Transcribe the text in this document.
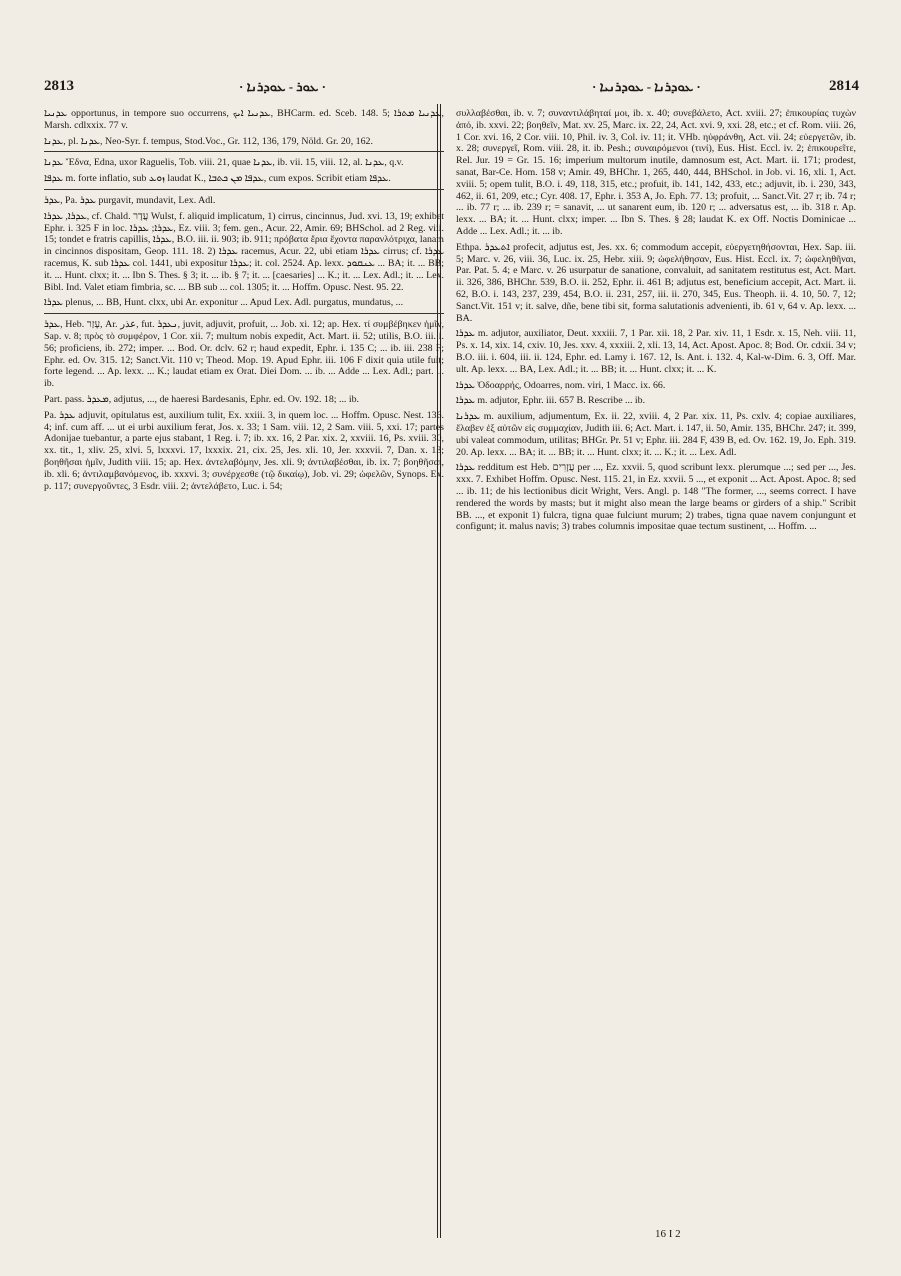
2813	· ܥܘܪ - ܥܘܕܪܢܐ ·	· ܥܘܕܪܢܐ - ܥܘܕܪܢܝܐ ·	2814

ܥܕܢܝܐ opportunus, in tempore suo occurrens, ܥܕܢܝܐ ܐܝܟ, BHCarm. ed. Sceb. 148. 5; ܥܕܢܝܐ ܡܬܪܐ, Marsh. cdlxxix. 77 v.

ܥܕܢܐ, pl. ܥܕܢܐ, Neo-Syr. f. tempus, Stod.Voc., Gr. 112, 136, 179, Nöld. Gr. 20, 162.

ܥܕܢܐ Ἔδνα, Edna, uxor Raguelis, Tob. viii. 21, quae ܥܕܢܐ, ib. vii. 15, viii. 12, al. ܥܕܢܐ, q.v.

ܥܕܦܐ m. forte inflatio, sub ܙܘܥ laudat K., ܥܕܦܐ ܡܢ ܟܬܒܐ, cum expos. Scribit etiam ܥܕܦܐ.

ܥܕܪ, Pa. ܥܕܪ purgavit, mundavit, Lex. Adl.

ܥܕܪܐ, ܥܕܪܐ, cf. Chald. עֲדָר Wulst, f. aliquid implicatum, 1) cirrus, cincinnus, Jud. xvi. 13, 19; exhibet Ephr. i. 325 F in loc. ܥܕܪܐ; ܥܕܪܐ, Ez. viii. 3; fem. gen., Acur. 22, Amir. 69; BHSchol. ad 2 Reg. viii. 15; tondet e fratris capillis, ܥܕܪܐ, B.O. iii. ii. 903; ib. 911; πρόβατα ἔρια ἔχοντα παρανλότριχα, lanam in cincinnos dispositam, Geop. 111. 18. 2) ܥܕܪܐ racemus, Acur. 22, ubi etiam ܥܕܪܐ cirrus; cf. ܥܕܪܐ racemus, K. sub ܥܕܪܐ col. 1441, ubi expositur ܥܕܪܐ; it. col. 2524. Ap. lexx. ܥܢܩܘܕ ... BA; it. ... BB; it. ... Hunt. clxx; it. ... Ibn S. Thes. § 3; it. ... ib. § 7; it. ... [caesaries] ... K.; it. ... Lex. Adl.; it. ... Lex. Bibl. Ind. Valet etiam fimbria, sc. ... BB sub ... col. 1305; it. ... Hoffm. Opusc. Nest. 95. 22.

ܥܕܪܐ plenus, ... BB, Hunt. clxx, ubi Ar. exponitur ... Apud Lex. Adl. purgatus, mundatus, ...

ܥܕܪ, Heb. עָזַר, Ar. عذر, fut. ܢܥܕܪ, juvit, adjuvit, profuit, ... Job. xi. 12; ap. Hex. τί συμβέβηκεν ἡμῖν, Sap. v. 8; πρὸς τὸ συμφέρον, 1 Cor. xii. 7; multum nobis expedit, Act. Mart. ii. 52; utilis, B.O. iii. i. 56; proficiens, ib. 272; imper. ... Bod. Or. dclv. 62 r; haud expedit, Ephr. i. 135 C; ... ib. iii. 238 F; Ephr. ed. Ov. 315. 12; Sanct.Vit. 110 v; Theod. Mop. 19. Apud Ephr. iii. 106 F dixit quia utile fuit; forte legend. ... Ap. lexx. ... K.; laudat etiam ex Orat. Diei Dom. ... ib. ... Adde ... Lex. Adl.; part. ... ib.

Part. pass. ܡܥܕܪ, adjutus, ..., de haeresi Bardesanis, Ephr. ed. Ov. 192. 18; ... ib.

Pa. ܥܕܪ adjuvit, opitulatus est, auxilium tulit, Ex. xxiii. 3, in quem loc. ... Hoffm. Opusc. Nest. 136. 4; inf. cum aff. ... ut ei urbi auxilium ferat, Jos. x. 33; 1 Sam. viii. 12, 2 Sam. viii. 5, xxi. 17; partes Adonijae tuebantur, a parte ejus stabant, 1 Reg. i. 7; ib. xx. 16, 2 Par. xix. 2, xxviii. 16, Ps. xviii. 30, xx. tit., 1, xliv. 25, xlvi. 5, lxxxvi. 17, lxxxix. 21, cix. 25, Jes. xli. 10, Jer. xxxvii. 7, Dan. x. 13; βοηθῆσαι ἡμῖν, Judith viii. 15; ap. Hex. ἀντελαβόμην, Jes. xli. 9; ἀντιλαβέσθαι, ib. ix. 7; βοηθῆσαι, ib. xli. 6; ἀντιλαμβανόμενος, ib. xxxvi. 3; συνέρχεσθε (τῷ δικαίῳ), Job. vi. 29; ὠφελῶν, Synops. Ex. p. 117; συνεργοῦντες, 3 Esdr. viii. 2; ἀντελάβετο, Luc. i. 54;

συλλαβέσθαι, ib. v. 7; συναντιλάβηταί μοι, ib. x. 40; συνεβάλετο, Act. xviii. 27; ἐπικουρίας τυχὼν ἀπό, ib. xxvi. 22; βοηθεῖν, Mat. xv. 25, Marc. ix. 22, 24, Act. xvi. 9, xxi. 28, etc.; et cf. Rom. viii. 26, 1 Cor. xvi. 16, 2 Cor. viii. 10, Phil. iv. 3, Col. iv. 11; it. VHb. ηὐφράνθη, Act. vii. 24; εὐεργετῶν, ib. x. 28; συνεργεῖ, Rom. viii. 28, it. ib. Pesh.; συναιρόμενοι (τινί), Eus. Hist. Eccl. iv. 2; ἐπικουρεῖτε, Rel. Jur. 19 = Gr. 15. 16; imperium multorum inutile, damnosum est, Act. Mart. ii. 171; prodest, sanat, Bar-Ce. Hom. 158 v; Amir. 49, BHChr. 1, 265, 440, 444, BHSchol. in Job. vi. 16, xli. 1, Act. xviii. 5; opem tulit, B.O. i. 49, 118, 315, etc.; profuit, ib. 141, 142, 433, etc.; adjuvit, ib. i. 230, 343, 462, ii. 61, 209, etc.; Cyr. 408. 17, Ephr. i. 353 A, Jo. Eph. 77. 13; profuit, ... Sanct.Vit. 27 r; ib. 74 r; ... ib. 77 r; ... ib. 239 r; = sanavit, ... ut sanarent eum, ib. 120 r; ... adversatus est, ... ib. 318 r. Ap. lexx. ... BA; it. ... Hunt. clxx; imper. ... Ibn S. Thes. § 28; laudat K. ex Off. Noctis Dominicae ... Adde ... Lex. Adl.; it. ... ib.

Ethpa. ܐܬܥܕܪ profecit, adjutus est, Jes. xx. 6; commodum accepit, εὐεργετηθήσονται, Hex. Sap. iii. 5; Marc. v. 26, viii. 36, Luc. ix. 25, Hebr. xiii. 9; ὠφελήθησαν, Eus. Hist. Eccl. ix. 7; ὠφεληθῆναι, Par. Pat. 5. 4; e Marc. v. 26 usurpatur de sanatione, convaluit, ad sanitatem restitutus est, Act. Mart. ii. 326, 386, BHChr. 539, B.O. ii. 252, Ephr. ii. 461 B; adjutus est, beneficium accepit, Act. Mart. ii. 62, B.O. i. 143, 237, 239, 454, B.O. ii. 231, 257, iii. ii. 270, 345, Eus. Theoph. ii. 4. 10, 50. 7, 12; Sanct.Vit. 151 v; it. salve, dñe, bene tibi sit, forma salutationis advenienti, ib. 61 v, 64 v. Ap. lexx. ... BA.

ܥܕܪܐ m. adjutor, auxiliator, Deut. xxxiii. 7, 1 Par. xii. 18, 2 Par. xiv. 11, 1 Esdr. x. 15, Neh. viii. 11, Ps. x. 14, xix. 14, cxiv. 10, Jes. xxv. 4, xxxiii. 2, xli. 13, 14, Act. Apost. Apoc. 8; Bod. Or. cdxii. 34 v; B.O. iii. i. 604, iii. ii. 124, Ephr. ed. Lamy i. 167. 12, Is. Ant. i. 132. 4, Kal-w-Dim. 6. 3, Off. Mar. ult. Ap. lexx. ... BA, Lex. Adl.; it. ... BB; it. ... Hunt. clxx; it. ... K.

ܥܕܪܐ Ὀδοαρρής, Odoarres, nom. viri, 1 Macc. ix. 66.

ܥܕܪܐ m. adjutor, Ephr. iii. 657 B. Rescribe ... ib.

ܥܕܪܢܐ m. auxilium, adjumentum, Ex. ii. 22, xviii. 4, 2 Par. xix. 11, Ps. cxlv. 4; copiae auxiliares, ἔλαβεν ἐξ αὐτῶν εἰς συμμαχίαν, Judith iii. 6; Act. Mart. i. 147, ii. 50, Amir. 135, BHChr. 247; it. 399, ubi valeat commodum, utilitas; BHGr. Pr. 51 v; Ephr. iii. 284 F, 439 B, ed. Ov. 162. 19, Jo. Eph. 319. 20. Ap. lexx. ... BA; it. ... BB; it. ... Hunt. clxx; it. ... K.; it. ... Lex. Adl.

ܥܕܪܐ redditum est Heb. עֲזָרִים per ..., Ez. xxvii. 5, quod scribunt lexx. plerumque ...; sed per ..., Jes. xxx. 7. Exhibet Hoffm. Opusc. Nest. 115. 21, in Ez. xxvii. 5 ..., et exponit ... Act. Apost. Apoc. 8; sed ... ib. 11; de his lectionibus dicit Wright, Vers. Angl. p. 148 "The former, ..., seems correct. I have rendered the words by masts; but it might also mean the large beams or girders of a ship." Scribit BB. ..., et exponit 1) fulcra, tigna quae fulciunt murum; 2) trabes, tigna quae navem conjungunt et configunt; it. malus navis; 3) trabes columnis impositae quae tectum sustinent, ... Hoffm. ...

16 I 2
